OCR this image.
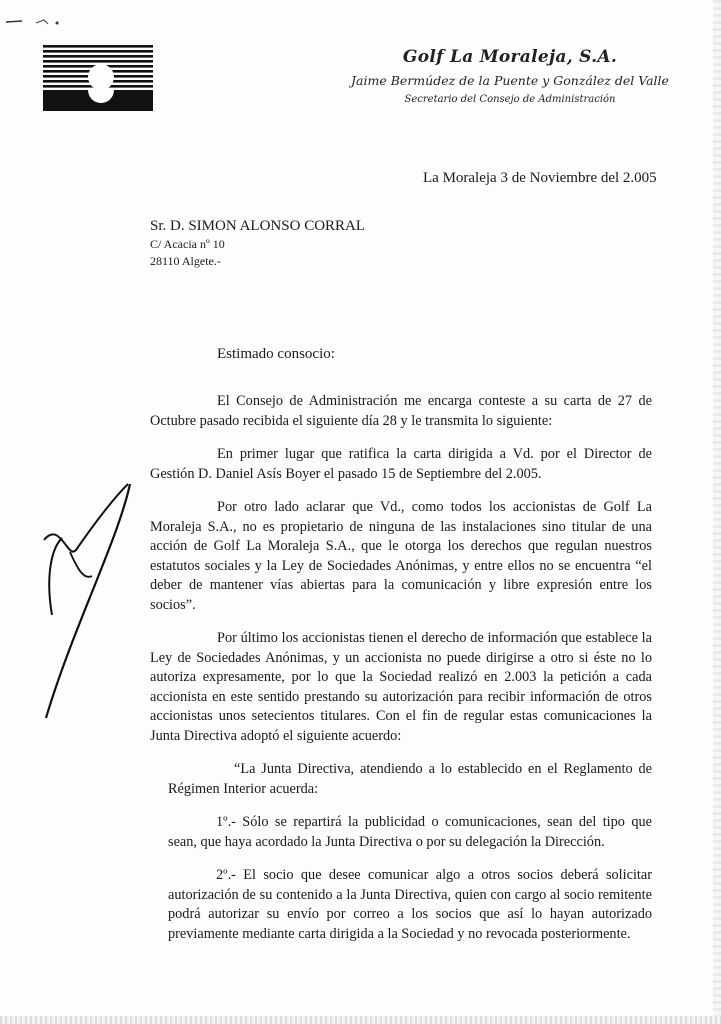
Golf La Moraleja, S.A.
Jaime Bermúdez de la Puente y González del Valle
Secretario del Consejo de Administración
La Moraleja 3 de Noviembre del 2.005
Sr. D. SIMON ALONSO CORRAL
C/ Acacia nº 10
28110 Algete.-
Estimado consocio:

El Consejo de Administración me encarga conteste a su carta de 27 de Octubre pasado recibida el siguiente día 28 y le transmita lo siguiente:

En primer lugar que ratifica la carta dirigida a Vd. por el Director de Gestión D. Daniel Asís Boyer el pasado 15 de Septiembre del 2.005.

Por otro lado aclarar que Vd., como todos los accionistas de Golf La Moraleja S.A., no es propietario de ninguna de las instalaciones sino titular de una acción de Golf La Moraleja S.A., que le otorga los derechos que regulan nuestros estatutos sociales y la Ley de Sociedades Anónimas, y entre ellos no se encuentra “el deber de mantener vías abiertas para la comunicación y libre expresión entre los socios”.

Por último los accionistas tienen el derecho de información que establece la Ley de Sociedades Anónimas, y un accionista no puede dirigirse a otro si éste no lo autoriza expresamente, por lo que la Sociedad realizó en 2.003 la petición a cada accionista en este sentido prestando su autorización para recibir información de otros accionistas unos setecientos titulares. Con el fin de regular estas comunicaciones la Junta Directiva adoptó el siguiente acuerdo:

“La Junta Directiva, atendiendo a lo establecido en el Reglamento de Régimen Interior acuerda:

1º.- Sólo se repartirá la publicidad o comunicaciones, sean del tipo que sean, que haya acordado la Junta Directiva o por su delegación la Dirección.

2º.- El socio que desee comunicar algo a otros socios deberá solicitar autorización de su contenido a la Junta Directiva, quien con cargo al socio remitente podrá autorizar su envío por correo a los socios que así lo hayan autorizado previamente mediante carta dirigida a la Sociedad y no revocada posteriormente.
